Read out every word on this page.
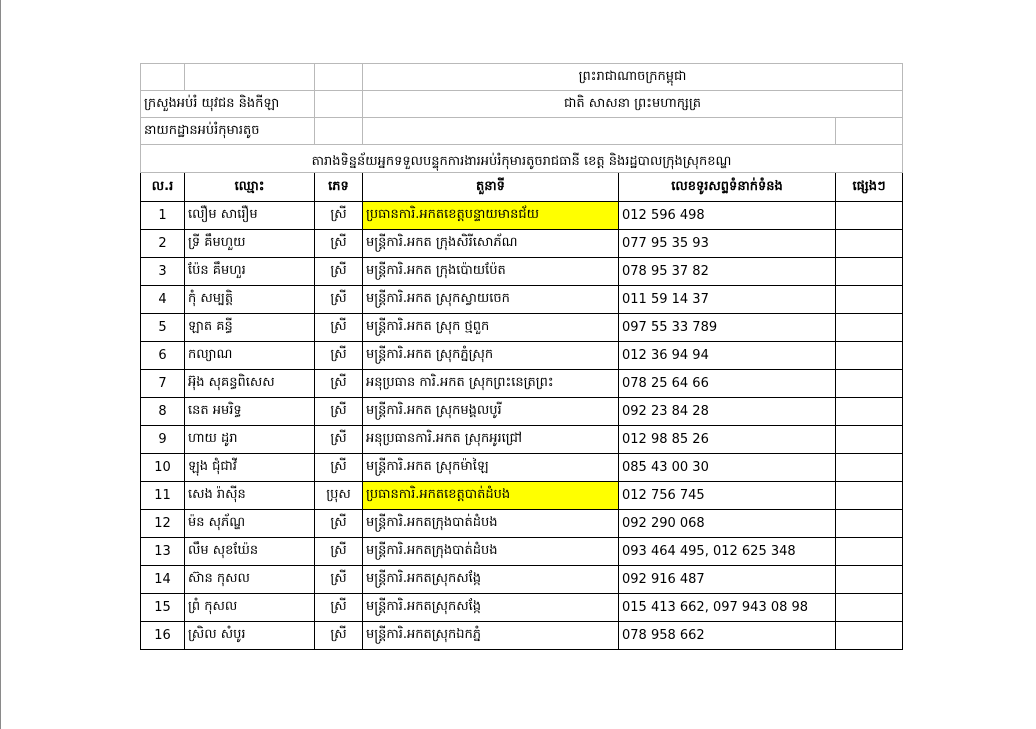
			ព្រះរាជាណាចក្រកម្ពុជា		
ក្រសួងអប់រំ យុវជន និងកីឡា			ជាតិ សាសនា ព្រះមហាក្សត្រ		
នាយកដ្ឋានអប់រំកុមារតូច					
តារាងទិន្នន័យអ្នកទទួលបន្ទុកការងារអប់រំកុមារតូចរាជធានី ខេត្ត និងរដ្ឋបាលក្រុងស្រុកខណ្ឌ					
ល.រ	ឈ្មោះ	ភេទ	តួនាទី	លេខទូរសព្ទទំនាក់ទំនង	ផ្សេងៗ
1	លឿម សារឿម	ស្រី	ប្រធានការិ.អកតខេត្តបន្ទាយមានជ័យ	012 596 498	
2	ទ្រី គឹមហួយ	ស្រី	មន្ត្រីការិ.អកត ក្រុងសិរីសោភ័ណ	077 95 35 93	
3	ប៉ែន គឹមហួរ	ស្រី	មន្ត្រីការិ.អកត ក្រុងប៉ោយប៉ែត	078 95 37 82	
4	កុំ សម្បត្តិ	ស្រី	មន្ត្រីការិ.អកត ស្រុកស្វាយចេក	011 59 14 37	
5	ឡាត គន្ធី	ស្រី	មន្ត្រីការិ.អកត ស្រុក ថ្មពួក	097 55 33 789	
6	កល្យាណ	ស្រី	មន្ត្រីការិ.អកត ស្រុកភ្នំស្រុក	012 36 94 94	
7	អ៊ុង សុគន្ធពិសេស	ស្រី	អនុប្រធាន ការិ.អកត ស្រុកព្រះនេត្រព្រះ	078 25 64 66	
8	នេត អមរិទ្ធ	ស្រី	មន្ត្រីការិ.អកត ស្រុកមង្គលបូរី	092 23 84 28	
9	ហាយ ដូរា	ស្រី	អនុប្រធានការិ.អកត ស្រុកអូរជ្រៅ	012 98 85 26	
10	ឡុង ជុំជាវី	ស្រី	មន្ត្រីការិ.អកត ស្រុកម៉ាឡៃ	085 43 00 30	
11	សេង រ៉ាស៊ីន	ប្រុស	ប្រធានការិ.អកតខេត្តបាត់ដំបង	012 756 745	
12	ម៉ន សុភ័ណ្ឌ	ស្រី	មន្ត្រីការិ.អកតក្រុងបាត់ដំបង	092 290 068	
13	លឹម សុខឃ៉ែន	ស្រី	មន្ត្រីការិ.អកតក្រុងបាត់ដំបង	093 464 495, 012 625 348	
14	ស៊ាន កុសល	ស្រី	មន្ត្រីការិ.អកតស្រុកសង្កែ	092 916 487	
15	ព្រំ កុសល	ស្រី	មន្ត្រីការិ.អកតស្រុកសង្កែ	015 413 662, 097 943 08 98	
16	ស្រិល សំបូរ	ស្រី	មន្ត្រីការិ.អកតស្រុកឯកភ្នំ	078 958 662	
